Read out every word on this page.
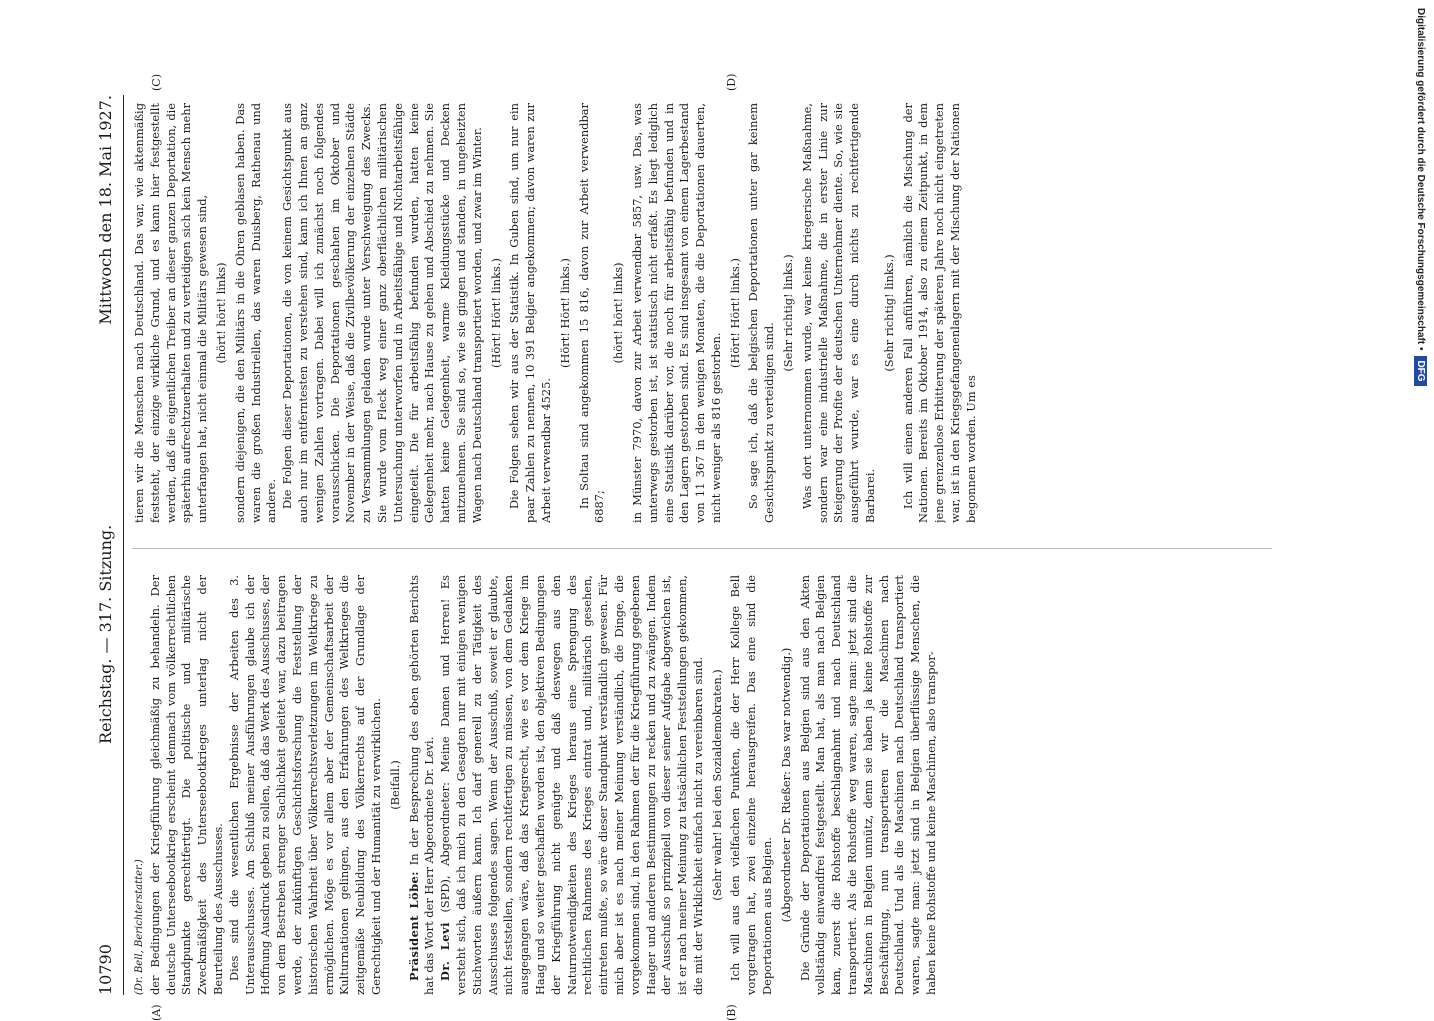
10790
Reichstag. — 317. Sitzung.
Mittwoch den 18. Mai 1927.
(A)	(B)
(C)	(D)

(Dr. Bell, Berichterstatter.) der Bedingungen der Kriegführung gleichmäßig zu behandeln. Der deutsche Unterseebootkrieg erscheint demnach vom völkerrechtlichen Standpunkte gerechtfertigt. Die politische und militärische Zweckmäßigkeit des Unterseebootkrieges unterlag nicht der Beurteilung des Ausschusses. Dies sind die wesentlichen Ergebnisse der Arbeiten des 3. Unterausschusses. Am Schluß meiner Ausführungen glaube ich der Hoffnung Ausdruck geben zu sollen, daß das Werk des Ausschusses, der von dem Bestreben strenger Sachlichkeit geleitet war, dazu beitragen werde, der zukünftigen Geschichtsforschung die Feststellung der historischen Wahrheit über Völkerrechtsverletzungen im Weltkriege zu ermöglichen. Möge es vor allem aber der Gemeinschaftsarbeit der Kulturnationen gelingen, aus den Erfahrungen des Weltkrieges die zeitgemäße Neubildung des Völkerrechts auf der Grundlage der Gerechtigkeit und der Humanität zu verwirklichen. (Beifall.)

Präsident Löbe: In der Besprechung des eben gehörten Berichts hat das Wort der Herr Abgeordnete Dr. Levi. Dr. Levi (SPD), Abgeordneter: Meine Damen und Herren! Es versteht sich, daß ich mich zu den Gesagten nur mit einigen wenigen Stichworten äußern kann. Ich darf generell zu der Tätigkeit des Ausschusses folgendes sagen. Wenn der Ausschuß, soweit er glaubte, nicht feststellen, sondern rechtfertigen zu müssen, von dem Gedanken ausgegangen wäre, daß das Kriegsrecht, wie es vor dem Kriege im Haag und so weiter geschaffen worden ist, den objektiven Bedingungen der Kriegführung nicht genügte und daß deswegen aus den Naturnotwendigkeiten des Krieges heraus eine Sprengung des rechtlichen Rahmens des Krieges eintrat und, militärisch gesehen, eintreten mußte, so wäre dieser Standpunkt verständlich gewesen. Für mich aber ist es nach meiner Meinung verständlich, die Dinge, die vorgekommen sind, in den Rahmen der für die Kriegführung gegebenen Haager und anderen Bestimmungen zu recken und zu zwängen. Indem der Ausschuß so prinzipiell von dieser seiner Aufgabe abgewichen ist, ist er nach meiner Meinung zu tatsächlichen Feststellungen gekommen, die mit der Wirklichkeit einfach nicht zu vereinbaren sind. (Sehr wahr! bei den Sozialdemokraten.) Ich will aus den vielfachen Punkten, die der Herr Kollege Bell vorgetragen hat, zwei einzelne herausgreifen. Das eine sind die Deportationen aus Belgien. (Abgeordneter Dr. Rießer: Das war notwendig.) Die Gründe der Deportationen aus Belgien sind aus den Akten vollständig einwandfrei festgestellt. Man hat, als man nach Belgien kam, zuerst die Rohstoffe beschlagnahmt und nach Deutschland transportiert. Als die Rohstoffe weg waren, sagte man: jetzt sind die Maschinen in Belgien unnütz, denn sie haben ja keine Rohstoffe zur Beschäftigung, nun transportieren wir die Maschinen nach Deutschland. Und als die Maschinen nach Deutschland transportiert waren, sagte man: jetzt sind in Belgien überflüssige Menschen, die haben keine Rohstoffe und keine Maschinen, also transpor-

tieren wir die Menschen nach Deutschland. Das war, wie aktenmäßig feststeht, der einzige wirkliche Grund, und es kann hier festgestellt werden, daß die eigentlichen Treiber an dieser ganzen Deportation, die späterhin aufrechtzuerhalten und zu verteidigen sich kein Mensch mehr unterfangen hat, nicht einmal die Militärs gewesen sind, (hört! hört! links) sondern diejenigen, die den Militärs in die Ohren geblasen haben. Das waren die großen Industriellen, das waren Duisberg, Rathenau und andere. Die Folgen dieser Deportationen, die von keinem Gesichtspunkt aus auch nur im entferntesten zu verstehen sind, kann ich Ihnen an ganz wenigen Zahlen vortragen. Dabei will ich zunächst noch folgendes vorausschicken. Die Deportationen geschahen im Oktober und November in der Weise, daß die Zivilbevölkerung der einzelnen Städte zu Versammlungen geladen wurde unter Verschweigung des Zwecks. Sie wurde vom Fleck weg einer ganz oberflächlichen militärischen Untersuchung unterworfen und in Arbeitsfähige und Nichtarbeitsfähige eingeteilt. Die für arbeitsfähig befunden wurden, hatten keine Gelegenheit mehr, nach Hause zu gehen und Abschied zu nehmen. Sie hatten keine Gelegenheit, warme Kleidungsstücke und Decken mitzunehmen. Sie sind so, wie sie gingen und standen, in ungeheizten Wagen nach Deutschland transportiert worden, und zwar im Winter. (Hört! Hört! links.) Die Folgen sehen wir aus der Statistik. In Guben sind, um nur ein paar Zahlen zu nennen, 10 391 Belgier angekommen; davon waren zur Arbeit verwendbar 4525.

(Hört! Hört! links.) In Soltau sind angekommen 15 816, davon zur Arbeit verwendbar 6887;

(hört! hört! links) in Münster 7970, davon zur Arbeit verwendbar 5857, usw. Das, was unterwegs gestorben ist, ist statistisch nicht erfaßt. Es liegt lediglich eine Statistik darüber vor, die noch für arbeitsfähig befunden und in den Lagern gestorben sind. Es sind insgesamt von einem Lagerbestand von 11 367 in den wenigen Monaten, die die Deportationen dauerten, nicht weniger als 816 gestorben.

(Hört! Hört! links.) So sage ich, daß die belgischen Deportationen unter gar keinem Gesichtspunkt zu verteidigen sind.

(Sehr richtig! links.) Was dort unternommen wurde, war keine kriegerische Maßnahme, sondern war eine industrielle Maßnahme, die in erster Linie zur Steigerung der Profite der deutschen Unternehmer diente. So, wie sie ausgeführt wurde, war es eine durch nichts zu rechtfertigende Barbarei.

(Sehr richtig! links.) Ich will einen anderen Fall anführen, nämlich die Mischung der Nationen. Bereits im Oktober 1914, also zu einem Zeitpunkt, in dem jene grenzenlose Erbitterung der späteren Jahre noch nicht eingetreten war, ist in den Kriegsgefangenenlagern mit der Mischung der Nationen begonnen worden. Um es

Digitalisierung gefördert durch die Deutsche Forschungsgemeinschaft •
DFG
